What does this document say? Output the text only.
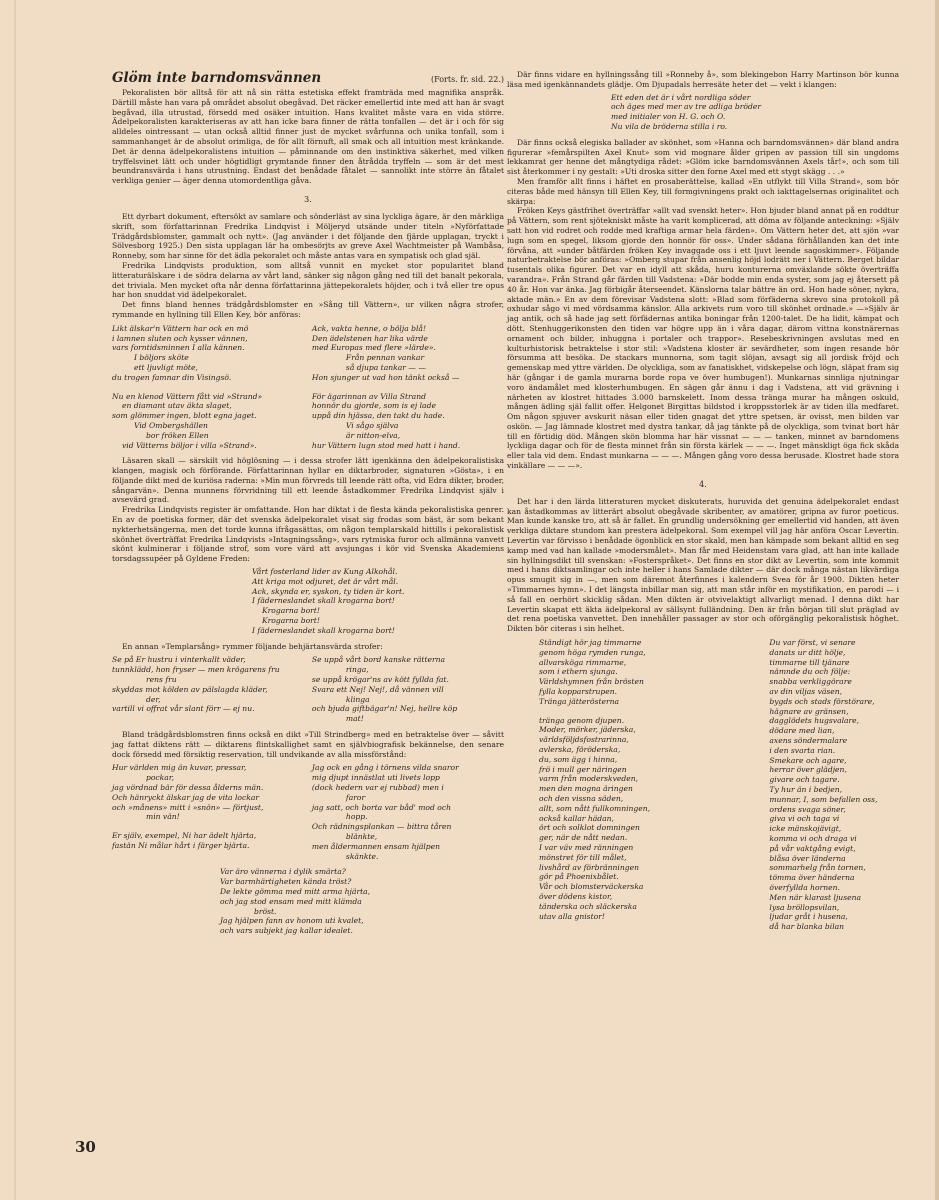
Glöm inte barndomsvännen	(Forts. fr. sid. 22.)

Pekoralisten bör alltså för att nå sin rätta estetiska effekt framträda med magnifika anspråk. Därtill måste han vara på området absolut obegåvad. Det räcker emellertid inte med att han är svagt begåvad, illa utrustad, försedd med osäker intuition. Hans kvalitet måste vara en vida större. Ädelpekoralisten karakteriseras av att han icke bara finner de rätta tonfallen — det är i och för sig alldeles ointressant — utan också alltid finner just de mycket svårfunna och unika tonfall, som i sammanhanget är de absolut orimliga, de för allt förnuft, all smak och all intuition mest kränkande. Det är denna ädelpekoralistens intuition — påminnande om den instinktiva säkerhet, med vilken tryffelsvinet lätt och under högtidligt grymtande finner den åtrådda tryffeln — som är det mest beundransvärda i hans utrustning. Endast det benådade fåtalet — sannolikt inte större än fåtalet verkliga genier — äger denna utomordentliga gåva.

3.

Ett dyrbart dokument, eftersökt av samlare och sönderläst av sina lyckliga ägare, är den märkliga skrift, som författarinnan Fredrika Lindqvist i Möljeryd utsände under titeln »Nyförfattade Trädgårdsblomster, gammalt och nytt». (Jag använder i det följande den fjärde upplagan, tryckt i Sölvesborg 1925.) Den sista upplagan lär ha ombesörjts av greve Axel Wachtmeister på Wambåsa, Ronneby, som har sinne för det ädla pekoralet och måste antas vara en sympatisk och glad själ.

Fredrika Lindqvists produktion, som alltså vunnit en mycket stor popularitet bland litteraturälskare i de södra delarna av vårt land, sänker sig någon gång ned till det banalt pekorala, det triviala. Men mycket ofta når denna författarinna jättepekoralets höjder, och i två eller tre opus har hon snuddat vid ädelpekoralet.

Det finns bland hennes trädgårdsblomster en »Sång till Vättern», ur vilken några strofer, rymmande en hyllning till Ellen Key, bör anföras:

Likt älskar'n Vättern har ock en mö
i lamnen sluten och kysser vännen,
vars forntidsminnen I alla kännen.
I böljors sköte
ett ljuvligt möte,
du trogen famnar din Visingsö.
Nu en klenod Vättern fått vid »Strand»
en diamant utav äkta slaget,
som glömmer ingen, blott egna jaget.
Vid Ombergshällen
bor fröken Ellen
vid Vätterns böljor i villa »Strand».
Ack, vakta henne, o bölja blå!
Den ädelstenen har lika värde
med Europas med flere »lärde».
Från pennan vankar
så djupa tankar — —
Hon sjunger ut vad hon tänkt också —
För ägarinnan av Villa Strand
honnör du gjorde, som is ej lade
uppå din hjässa, den takt du hade.
Vi sågo själva
är nitton-elva,
hur Vättern lugn stod med hatt i hand.

Läsaren skall — särskilt vid höglösning — i dessa strofer lätt igenkänna den ädelpekoralistiska klangen, magisk och förförande. Författarinnan hyllar en diktarbroder, signaturen »Gösta», i en följande dikt med de kuriösa raderna: »Min mun förvreds till leende rätt ofta, vid Edra dikter, broder, sångarvän». Denna munnens förvridning till ett leende åstadkommer Fredrika Lindqvist själv i avsevärd grad.

Fredrika Lindqvists register är omfattande. Hon har diktat i de flesta kända pekoralistiska genrer. En av de poetiska former, där det svenska ädelpekoralet visat sig frodas som bäst, är som bekant nykterhetsängerna, men det torde kunna ifrågasättas, om någon templarskald hittills i pekoralistisk skönhet överträffat Fredrika Lindqvists »Intagningssång», vars rytmiska furor och allmänna vanvett skönt kulminerar i följande strof, som vore värd att avsjungas i kör vid Svenska Akademiens torsdagssupéer på Gyldene Freden:

Vårt fosterland lider av Kung Alkohål.
Att kriga mot odjuret, det är vårt mål.
Ack, skynda er, syskon, ty tiden är kort.
I fäderneslandet skall krogarna bort!
Krogarna bort!
Krogarna bort!
I fäderneslandet skall krogarna bort!

En annan »Templarsång» rymmer följande behjärtansvärda strofer:

Se på Er hustru i vinterkallt väder,
tunnklädd, hon fryser — men krögarens fru
rens fru
skyddas mot kölden av pälslagda kläder,
der,
vartill vi offrat vår slant förr — ej nu.
Se uppå vårt bord kanske rätterna
ringa,
se uppå krögar'ns av kött fyllda fat.
Svara ett Nej! Nej!, då vännen vill
klinga
och bjuda giftbägar'n! Nej, hellre köp
mat!

Bland trädgårdsblomstren finns också en dikt »Till Strindberg» med en betraktelse över — såvitt jag fattat diktens rätt — diktarens flintskallighet samt en självbiografisk bekännelse, den senare dock försedd med försiktig reservation, till undvikande av alla missförstånd:

Hur världen mig än kuvar, pressar,
pockar,
jag vördnad bär för dessa ålderns män.
Och hänryckt älskar jag de vita lockar
och »månens» mitt i »snön» — förtjust,
min vän!
Er själv, exempel, Ni har ädelt hjärta,
fastän Ni målar hårt i färger bjärta.
Jag ock en gång i törnens vilda snaror
mig djupt innästlat uti livets lopp
(dock hedern var ej rubbad) men i
faror
jag satt, och borta var båd' mod och
hopp.
Och rädningsplankan — bittra tåren
blänkte,
men åldermannen ensam hjälpen
skänkte.
Var äro vännerna i dylik smärta?
Var barmhärtigheten kända tröst?
De lekte gömma med mitt arma hjärta,
och jag stod ensam med mitt klämda
bröst.
Jag hjälpen fann av honom uti kvalet,
och vars subjekt jag kallar idealet.

Där finns vidare en hyllningssång till »Ronneby å», som blekingebon Harry Martinson bör kunna läsa med igenkännandets glädje. Om Djupadals herresäte heter det — vekt i klangen:

Ett eden det är i vårt nordliga söder
och äges med mer av tre adliga bröder
med initialer von H. G. och O.
Nu vila de bröderna stilla i ro.

Där finns också elegiska ballader av skönhet, som »Hanna och barndomsvännen» där bland andra figurerar »femårspilten Axel Knut» som vid mognare ålder gripen av passion till sin ungdoms lekkamrat ger henne det mångtydiga rådet: »Glöm icke barndomsvännen Axels tår!», och som till sist återkommer i ny gestalt: »Uti droska sitter den forne Axel med ett stygt skägg . . .»

Men framför allt finns i häftet en prosaberättelse, kallad »En utflykt till Villa Strand», som bör citeras både med hänsyn till Ellen Key, till formgivningens prakt och iakttagelsernas originalitet och skärpa:

Fröken Keys gästfrihet överträffar »allt vad svenskt heter». Hon bjuder bland annat på en roddtur på Vättern, som rent sjötekniskt måste ha varit komplicerad, att döma av följande anteckning: »Själv satt hon vid rodret och rodde med kraftiga armar hela färden». Om Vättern heter det, att sjön »var lugn som en spegel, liksom gjorde den honnör för oss». Under sådana förhållanden kan det inte förvåna, att »under båtfärden fröken Key invaggade oss i ett ljuvt leende sagoskimmer». Följande naturbetraktelse bör anföras: »Omberg stupar från ansenlig höjd lodrätt ner i Vättern. Berget bildar tusentals olika figurer. Det var en idyll att skåda, huru konturerna omväxlande sökte överträffa varandra». Från Strand går färden till Vadstena: »Där bodde min enda syster, som jag ej återsett på 40 år. Hon var änka. Jag förbigår återseendet. Känslorna talar bättre än ord. Hon hade söner, nykra, aktade män.» En av dem förevisar Vadstena slott: »Blad som förfäderna skrevo sina protokoll på oxhudar sågo vi med vördsamma känslor. Alla arkivets rum voro till skönhet ordnade.» —»Själv är jag antik, och så hade jag sett förfädernas antika boningar från 1200-talet. De ha lidit, kämpat och dött. Stenhuggerikonsten den tiden var högre upp än i våra dagar, därom vittna konstnärernas ornament och bilder, inhuggna i portaler och trappor». Resebeskrivningen avslutas med en kulturhistorisk betraktelse i stor stil: »Vadstena kloster är sevärdheter, som ingen resande bör försumma att besöka. De stackars munnorna, som tagit slöjan, avsagt sig all jordisk fröjd och gemenskap med yttre världen. De olyckliga, som av fanatiskhet, vidskepelse och lögn, släpat fram sig här (gångar i de gamla murarna borde ropa ve över humbugen!). Munkarnas sinnliga njutningar voro ändamålet med klosterhumbugen. En sägen går ännu i dag i Vadstena, att vid grävning i närheten av klostret hittades 3.000 barnskelett. Inom dessa tränga murar ha mången oskuld, mången ädling själ fallit offer. Helgonet Birgittas bildstod i kroppsstorlek är av tiden illa medfaret. Om någon spjuver avskurit näsan eller tiden gnagat det yttre spetsen, är ovisst, men bilden var oskön. — Jag lämnade klostret med dystra tankar, då jag tänkte på de olyckliga, som tvinat bort här till en förtidig död. Mången skön blomma har här vissnat — — — tanken, minnet av barndomens lyckliga dagar och för de flesta minnet från sin första kärlek — — —. Inget mänskligt öga fick skåda eller tala vid dem. Endast munkarna — — —. Mången gång voro dessa berusade. Klostret hade stora vinkällare — — —».

4.

Det har i den lärda litteraturen mycket diskuterats, huruvida det genuina ädelpekoralet endast kan åstadkommas av litterärt absolut obegåvade skribenter, av amatörer, gripna av furor poeticus. Man kunde kanske tro, att så är fallet. En grundlig undersökning ger emellertid vid handen, att även verkliga diktare stundom kan prestera ädelpekoral. Som exempel vill jag här anföra Oscar Levertin. Levertin var förvisso i benådade ögonblick en stor skald, men han kämpade som bekant alltid en seg kamp med vad han kallade »modersmålet». Man får med Heidenstam vara glad, att han inte kallade sin hyllningsdikt till svenskan: »Fosterspråket». Det finns en stor dikt av Levertin, som inte kommit med i hans diktsamlingar och inte heller i hans Samlade dikter — där dock många nästan likvärdiga opus smugit sig in —, men som däremot återfinnes i kalendern Svea för år 1900. Dikten heter »Timmarnes hymn». I det längsta inbillar man sig, att man står inför en mystifikation, en parodi — i så fall en oerhört skicklig sådan. Men dikten är otvivelaktigt allvarligt menad. I denna dikt har Levertin skapat ett äkta ädelpekoral av sällsynt fulländning. Den är från början till slut präglad av det rena poetiska vanvettet. Den innehåller passager av stor och oförgänglig pekoralistisk höghet. Dikten bör citeras i sin helhet.

Ständigt hör jag timmarne
genom höga rymden runga,
allvarsköga rimmarne,
som i ethern sjunga.
Världshymnen från brösten
fylla kopparstrupen.
Tränga jätterösterna
tränga genom djupen.
Moder, mörker, jäderska,
världsföljdsfostrarinna,
avlerska, föröderska,
du, som ägg i hinna,
frö i mull ger näringen
varm från moderskveden,
men den mogna äringen
och den vissna säden,
allt, som nått fullkomningen,
också kallar hädan,
ört och solklot domningen
ger, när de nått nedan.
I var väv med ränningen
mönstret för till målet,
livshård av förbränningen
gör på Phoenixbålet.
Vår och blomsterväckerska
över dödens kistor,
tänderska och släckerska
utav alla gnistor!
Du var först, vi senare
danats ur ditt hölje,
timmarne till tjänare
nämnde du och följe:
snabba verkliggörare
av din viljas väsen,
bygds och stads förstörare,
hägnare av gränsen,
dagglödets hugsvalare,
dödare med lian,
axens söndermalare
i den svarta rian.
Smekare och agare,
herrar över glädjen,
givare och tagare.
Ty hur än i bedjen,
munnar, I, som befallen oss,
ordens svaga söner,
giva vi och taga vi
icke mänskojävigt,
komma vi och draga vi
på vår vaktgång evigt,
blåsa över länderna
sommarhelg från tornen,
tömma över händerna
överfyllda hornen.
Men när klarast ljusena
lysa bröllopsvilan,
ljudar gråt i husena,
då har blanka bilan
30
